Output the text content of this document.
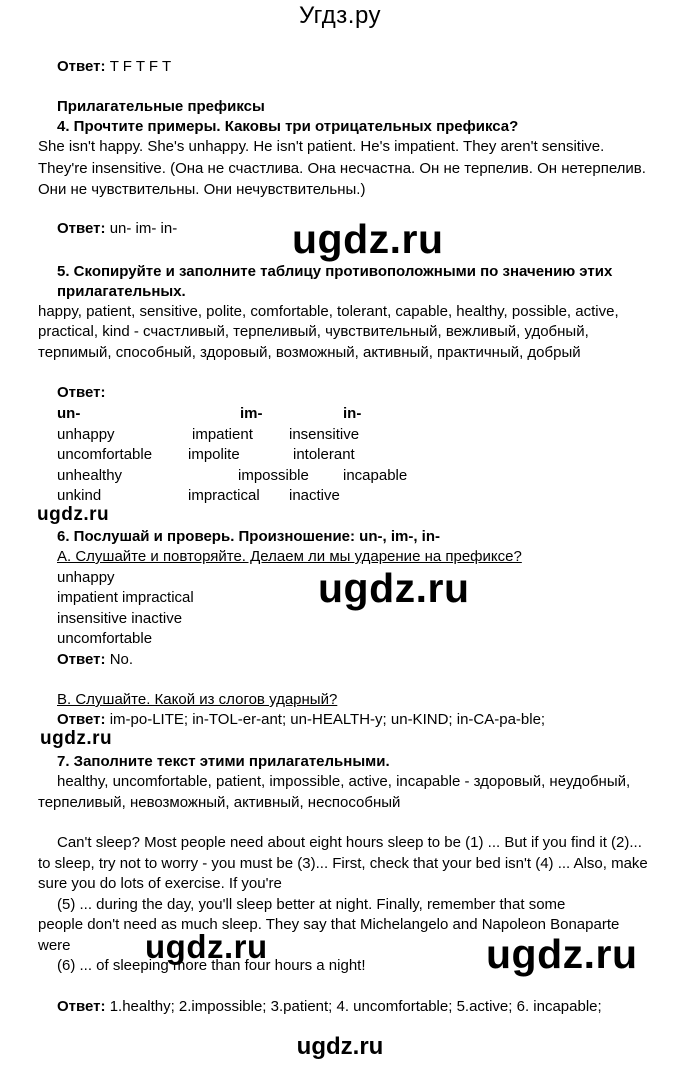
Угдз.ру
Ответ: T F T F T
Прилагательные префиксы
4. Прочтите примеры. Каковы три отрицательных префикса?
She isn't happy. She's unhappy. He isn't patient. He's impatient. They aren't sensitive.
They're insensitive. (Она не счастлива. Она несчастна. Он не терпелив. Он нетерпелив.
Они не чувствительны. Они нечувствительны.)
Ответ: un- im- in-	ugdz.ru
5. Скопируйте и заполните таблицу противоположными по значению этих
прилагательных.
happy, patient, sensitive, polite, comfortable, tolerant, capable, healthy, possible, active,
practical, kind - счастливый, терпеливый, чувствительный, вежливый, удобный,
терпимый, способный, здоровый, возможный, активный, практичный, добрый
Ответ:
un-	im-	in-
unhappy	impatient insensitive
uncomfortable impolite	intolerant
unhealthy	impossible incapable
unkind	impractical inactive
ugdz.ru
6. Послушай и проверь. Произношение: un-, im-, in-
A. Слушайте и повторяйте. Делаем ли мы ударение на префиксе?
unhappy
impatient impractical
insensitive inactive
uncomfortable
Ответ: No.
ugdz.ru
B. Слушайте. Какой из слогов ударный?
Ответ: im-po-LITE; in-TOL-er-ant; un-HEALTH-y; un-KIND; in-CA-pa-ble;
ugdz.ru
7. Заполните текст этими прилагательными.
healthy, uncomfortable, patient, impossible, active, incapable - здоровый, неудобный,
терпеливый, невозможный, активный, неспособный
Can't sleep? Most people need about eight hours sleep to be (1) ... But if you find it (2)...
to sleep, try not to worry - you must be (3)... First, check that your bed isn't (4) ... Also, make
sure you do lots of exercise. If you're
(5) ... during the day, you'll sleep better at night. Finally, remember that some
people don't need as much sleep. They say that Michelangelo and Napoleon Bonaparte
were
(6) ... of sleeping more than four hours a night!
ugdz.ru	ugdz.ru
Ответ: 1.healthy; 2.impossible; 3.patient; 4. uncomfortable; 5.active; 6. incapable;
ugdz.ru
